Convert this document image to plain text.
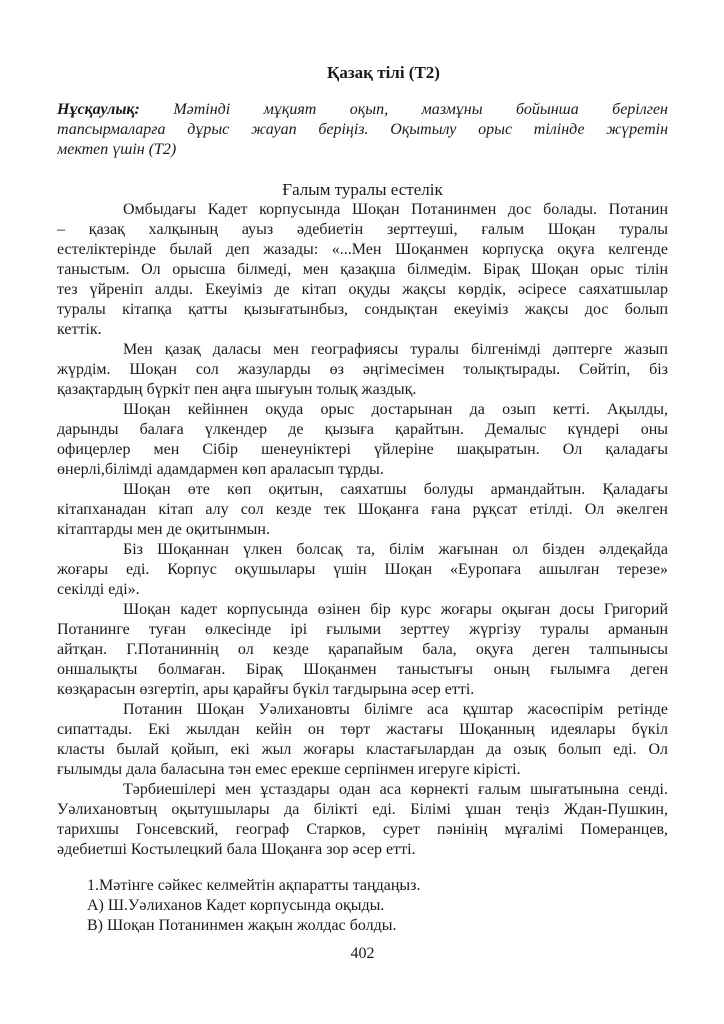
Қазақ тілі (Т2)
Нұсқаулық: Мәтінді мұқият оқып, мазмұны бойынша берілген
тапсырмаларға дұрыс жауап беріңіз. Оқытылу орыс тілінде жүретін
мектеп үшін (Т2)
Ғалым туралы естелік
Омбыдағы Кадет корпусында Шоқан Потанинмен дос болады. Потанин
– қазақ халқының ауыз әдебиетін зерттеуші, ғалым Шоқан туралы
естеліктерінде былай деп жазады: «...Мен Шоқанмен корпусқа оқуға келгенде
таныстым. Ол орысша білмеді, мен қазақша білмедім. Бірақ Шоқан орыс тілін
тез үйреніп алды. Екеуіміз де кітап оқуды жақсы көрдік, әсіресе саяхатшылар
туралы кітапқа қатты қызығатынбыз, сондықтан екеуіміз жақсы дос болып
кеттік.
Мен қазақ даласы мен географиясы туралы білгенімді дәптерге жазып
жүрдім. Шоқан сол жазуларды өз әңгімесімен толықтырады. Сөйтіп, біз
қазақтардың бүркіт пен аңға шығуын толық жаздық.
Шоқан кейіннен оқуда орыс достарынан да озып кетті. Ақылды,
дарынды балаға үлкендер де қызыға қарайтын. Демалыс күндері оны
офицерлер мен Сібір шенеуніктері үйлеріне шақыратын. Ол қаладағы
өнерлі,білімді адамдармен көп араласып тұрды.
Шоқан өте көп оқитын, саяхатшы болуды армандайтын. Қаладағы
кітапханадан кітап алу сол кезде тек Шоқанға ғана рұқсат етілді. Ол әкелген
кітаптарды мен де оқитынмын.
Біз Шоқаннан үлкен болсақ та, білім жағынан ол бізден әлдеқайда
жоғары еді. Корпус оқушылары үшін Шоқан «Еуропаға ашылған терезе»
секілді еді».
Шоқан кадет корпусында өзінен бір курс жоғары оқыған досы Григорий
Потанинге туған өлкесінде ірі ғылыми зерттеу жүргізу туралы арманын
айтқан. Г.Потаниннің ол кезде қарапайым бала, оқуға деген талпынысы
оншалықты болмаған. Бірақ Шоқанмен таныстығы оның ғылымға деген
көзқарасын өзгертіп, ары қарайғы бүкіл тағдырына әсер етті.
Потанин Шоқан Уәлихановты білімге аса құштар жасөспірім ретінде
сипаттады. Екі жылдан кейін он төрт жастағы Шоқанның идеялары бүкіл
класты былай қойып, екі жыл жоғары кластағылардан да озық болып еді. Ол
ғылымды дала баласына тән емес ерекше серпінмен игеруге кірісті.
Тәрбиешілері мен ұстаздары одан аса көрнекті ғалым шығатынына сенді.
Уәлихановтың оқытушылары да білікті еді. Білімі ұшан теңіз Ждан-Пушкин,
тарихшы Гонсевский, географ Старков, сурет пәнінің мұғалімі Померанцев,
әдебиетші Костылецкий бала Шоқанға зор әсер етті.
1.Мәтінге сәйкес келмейтін ақпаратты таңдаңыз.
А) Ш.Уәлиханов Кадет корпусында оқыды.
В) Шоқан Потанинмен жақын жолдас болды.
402
